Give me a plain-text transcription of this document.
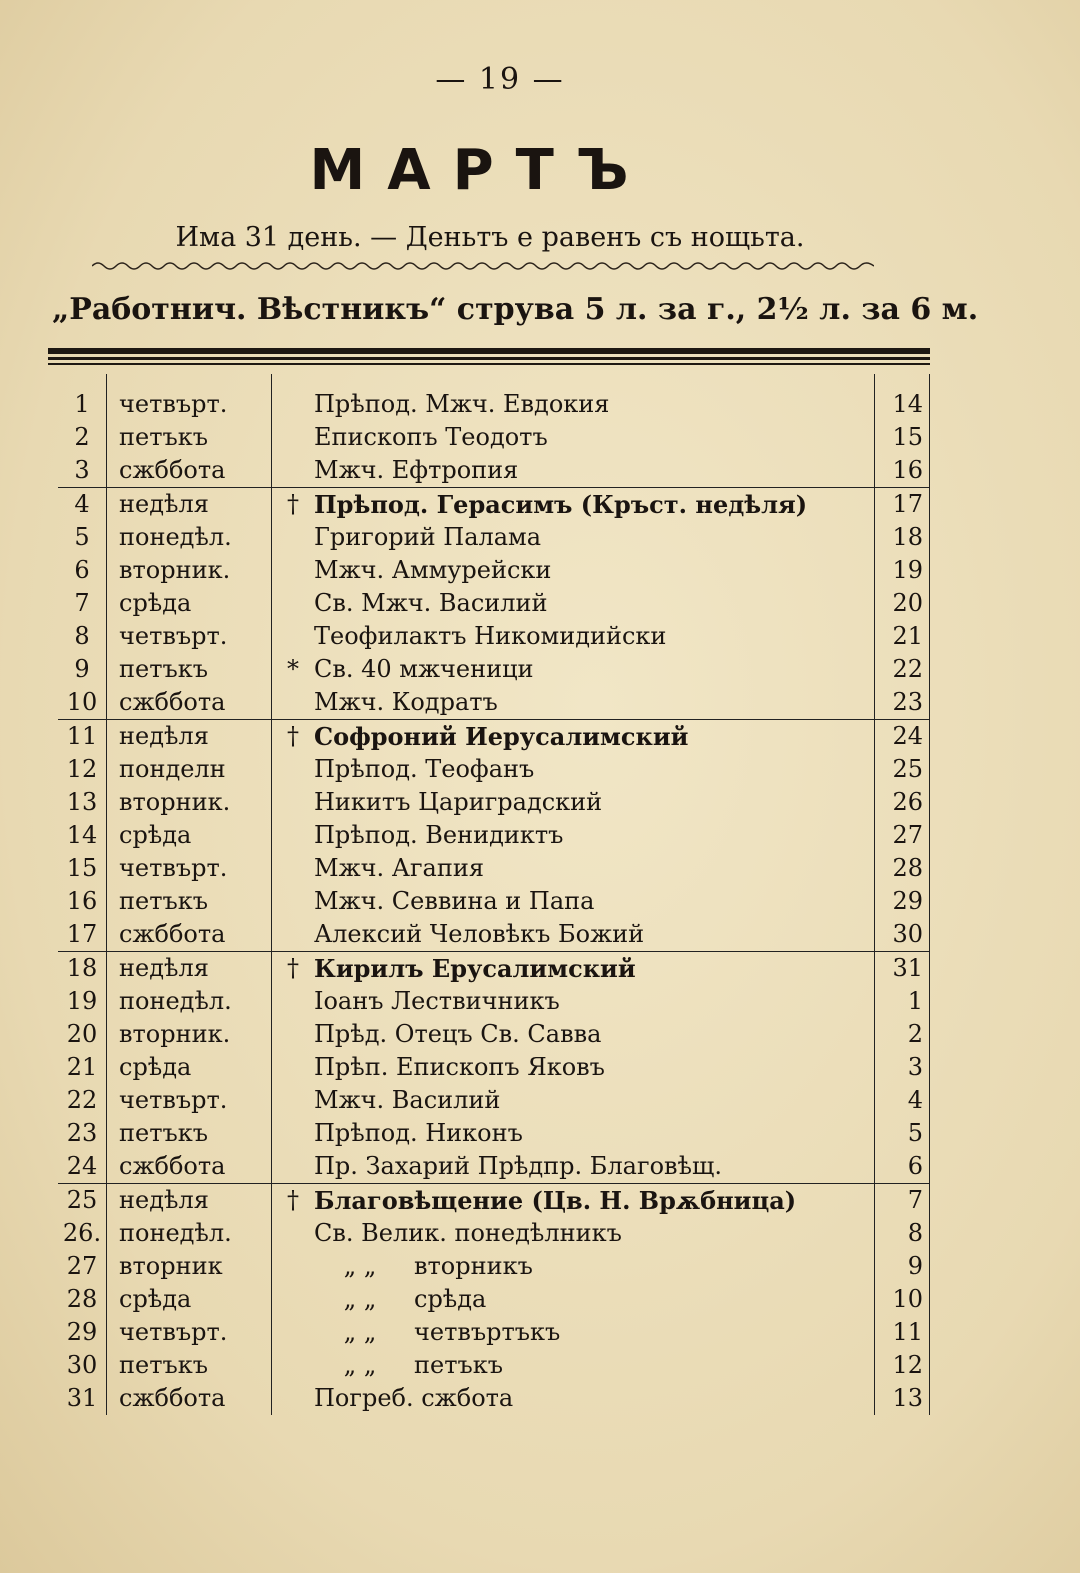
— 19 —
МАРТЪ
Има 31 день. — Деньтъ е равенъ съ нощьта.
„Работнич. Вѣстникъ“ струва 5 л. за г., 2½ л. за 6 м.
1	четвърт.		Прѣпод. Мжч. Евдокия	14	
2	петъкъ		Епископъ Теодотъ	15	
3	сжбботa		Мжч. Ефтропия	16	
4	недѣля	†	Прѣпод. Герасимъ (Кръст. недѣля)	17	
5	понедѣл.		Григорий Палама	18	
6	вторник.		Мжч. Аммурейски	19	
7	срѣда		Св. Мжч. Василий	20	
8	четвърт.		Теофилактъ Никомидийски	21	
9	петъкъ	*	Св. 40 мжченици	22	
10	сжббота		Мжч. Кодратъ	23	
11	недѣля	†	Софроний Иерусалимский	24	
12	понделн		Прѣпод. Теофанъ	25	
13	вторник.		Никитъ Цариградский	26	
14	срѣда		Прѣпод. Венидиктъ	27	
15	четвърт.		Мжч. Агапия	28	
16	петъкъ		Мжч. Севвина и Папа	29	
17	сжббота		Алексий Человѣкъ Божий	30	
18	недѣля	†	Кирилъ Ерусалимский	31	
19	понедѣл.		Іоанъ Лествичникъ	1	
20	вторник.		Прѣд. Отецъ Св. Савва	2	
21	срѣда		Прѣп. Епископъ Яковъ	3	
22	четвърт.		Мжч. Василий	4	
23	петъкъ		Прѣпод. Никонъ	5	
24	сжббота		Пр. Захарий Прѣдпр. Благовѣщ.	6	
25	недѣля	†	Благовѣщение (Цв. Н. Врѫбница)	7	
26.	понедѣл.		Св. Велик. понедѣлникъ	8	
27	вторник		„ „ вторникъ	9	
28	срѣда		„ „ срѣда	10	
29	четвърт.		„ „ четвъртъкъ	11	
30	петъкъ		„ „ петъкъ	12	
31	сжббота		Погреб. сжбота	13	
